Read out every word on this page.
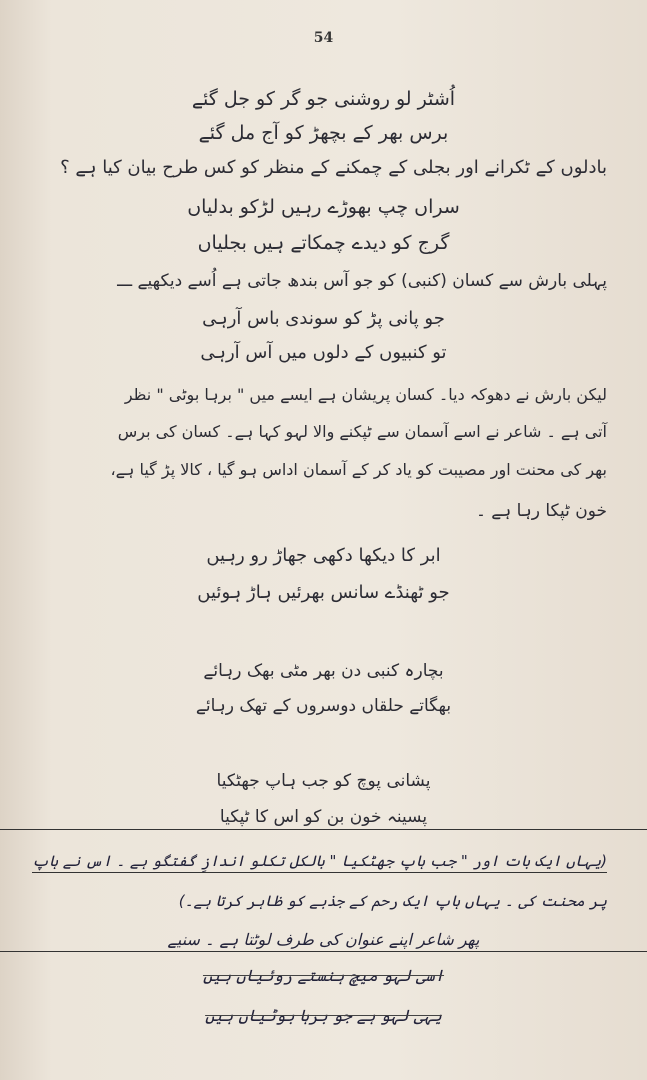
54
اُشٹر لو روشنی جو گر کو جل گئے
برس بھر کے بچھڑ کو آج مل گئے
بادلوں کے ٹکرانے اور بجلی کے چمکنے کے منظر کو کس طرح بیان کیا ہے ؟
سراں چپ بھوڑے رہیں لڑکو بدلیاں
گرج کو دیدے چمکاتے ہیں بجلیاں
پہلی بارش سے کسان (کنبی) کو جو آس بندھ جاتی ہے اُسے دیکھیے ـــ
جو پانی پڑ کو سوندی باس آرہی
تو کنبیوں کے دلوں میں آس آرہی
لیکن بارش نے دھوکہ دیا۔ کسان پریشان ہے ایسے میں " برہا بوٹی " نظر
آتی ہے ۔ شاعر نے اسے آسمان سے ٹپکنے والا لہو کہا ہے۔ کسان کی برس
بھر کی محنت اور مصیبت کو یاد کر کے آسمان اداس ہو گیا ، کالا پڑ گیا ہے،
خون ٹپکا رہا ہے ۔
ابر کا دیکھا دکھی جھاڑ رو رہیں
جو ٹھنڈے سانس بھرئیں ہاڑ ہوئیں
بچارہ کنبی دن بھر مٹی بھک رہائے
بھگاتے حلقاں دوسروں کے تھک رہائے
پشانی پوچ کو جب ہاپ جھٹکیا
پسینہ خون بن کو اس کا ٹپکیا
(یہاں ایک بات اور " جب ہاپ جھٹکیا " بالکل تکلو اندازِ گفتگو ہے ۔ اس نے ہاپ
پر محنت کی ۔ یہاں ہاپ ایک رحم کے جذبے کو ظاہر کرتا ہے۔)
پھر شاعر اپنے عنوان کی طرف لوٹتا ہے ۔ سنیے
اسی لہو میچ ہنستے روئیاں ہیں
یہی لہو ہے جو برہا بوٹیاں ہیں
